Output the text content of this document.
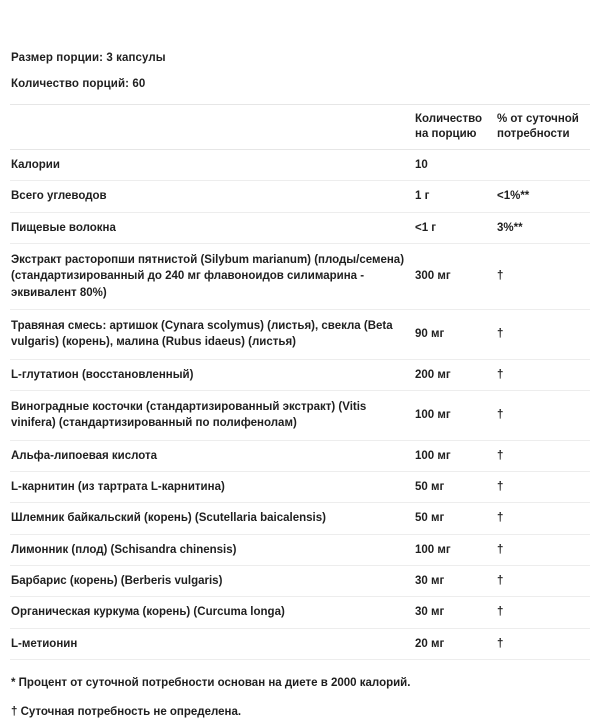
Размер порции: 3 капсулы
Количество порций: 60
	Количество на порцию	% от суточной потребности
Калории	10	
Всего углеводов	1 г	<1%**
Пищевые волокна	<1 г	3%**
Экстракт расторопши пятнистой (Silybum marianum) (плоды/семена) (стандартизированный до 240 мг флавоноидов силимарина - эквивалент 80%)	300 мг	†
Травяная смесь: артишок (Cynara scolymus) (листья), свекла (Beta vulgaris) (корень), малина (Rubus idaeus) (листья)	90 мг	†
L-глутатион (восстановленный)	200 мг	†
Виноградные косточки (стандартизированный экстракт) (Vitis vinifera) (стандартизированный по полифенолам)	100 мг	†
Альфа-липоевая кислота	100 мг	†
L-карнитин (из тартрата L-карнитина)	50 мг	†
Шлемник байкальский (корень) (Scutellaria baicalensis)	50 мг	†
Лимонник (плод) (Schisandra chinensis)	100 мг	†
Барбарис (корень) (Berberis vulgaris)	30 мг	†
Органическая куркума (корень) (Curcuma longa)	30 мг	†
L-метионин	20 мг	†
* Процент от суточной потребности основан на диете в 2000 калорий.
† Суточная потребность не определена.
